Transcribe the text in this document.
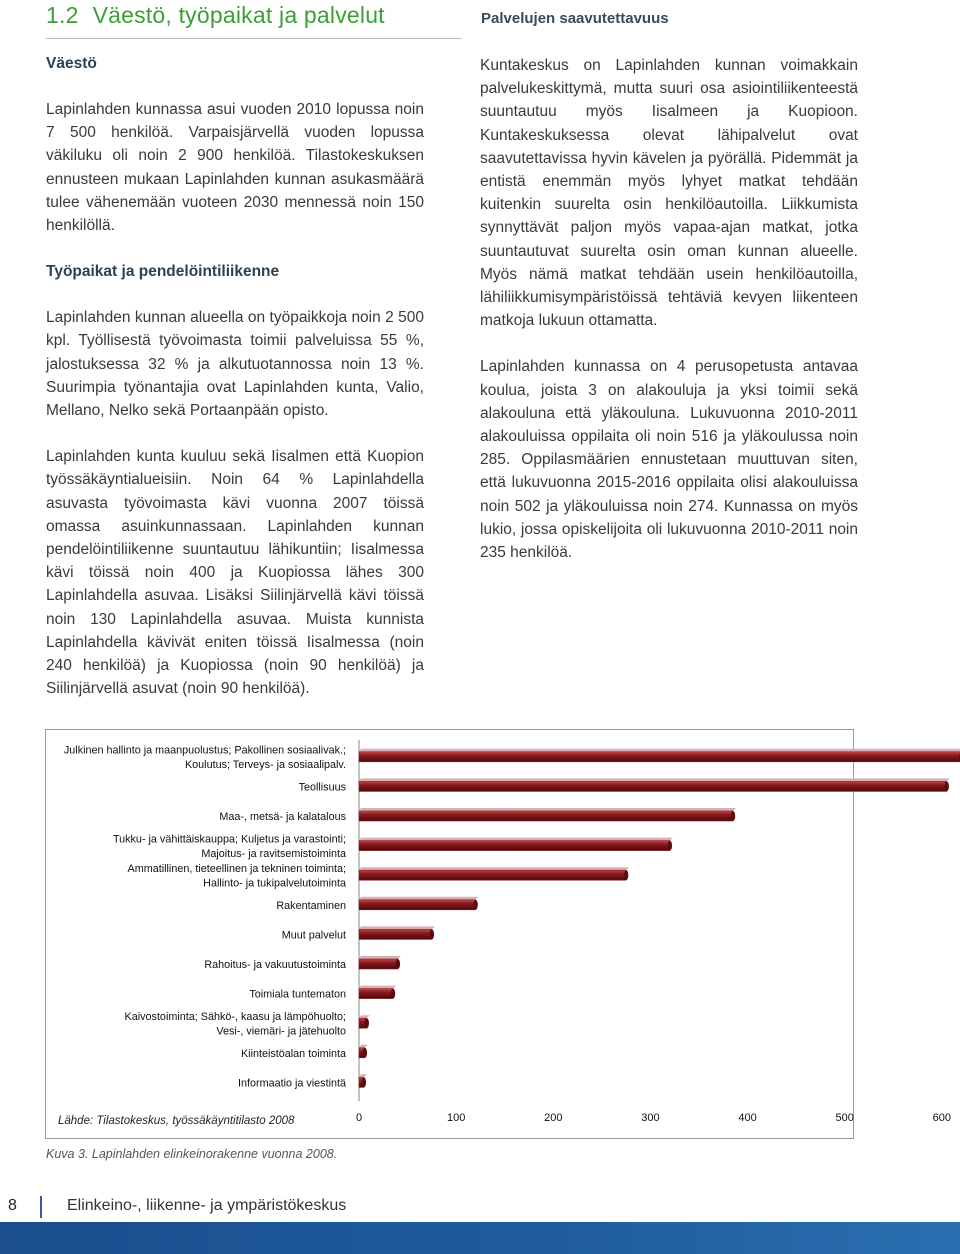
1.2 Väestö, työpaikat ja palvelut	Palvelujen saavutettavuus
Väestö

Lapinlahden kunnassa asui vuoden 2010 lopussa noin 7 500 henkilöä. Varpaisjärvellä vuoden lopussa väkiluku oli noin 2 900 henkilöä. Tilastokeskuksen ennusteen mukaan Lapinlahden kunnan asukasmäärä tulee vähenemään vuoteen 2030 mennessä noin 150 henkilöllä.

Työpaikat ja pendelöintiliikenne

Lapinlahden kunnan alueella on työpaikkoja noin 2 500 kpl. Työllisestä työvoimasta toimii palveluissa 55 %, jalostuksessa 32 % ja alkutuotannossa noin 13 %. Suurimpia työnantajia ovat Lapinlahden kunta, Valio, Mellano, Nelko sekä Portaanpään opisto.

Lapinlahden kunta kuuluu sekä Iisalmen että Kuopion työssäkäyntialueisiin. Noin 64 % Lapinlahdella asuvasta työvoimasta kävi vuonna 2007 töissä omassa asuinkunnassaan. Lapinlahden kunnan pendelöintiliikenne suuntautuu lähikuntiin; Iisalmessa kävi töissä noin 400 ja Kuopiossa lähes 300 Lapinlahdella asuvaa. Lisäksi Siilinjärvellä kävi töissä noin 130 Lapinlahdella asuvaa. Muista kunnista Lapinlahdella kävivät eniten töissä Iisalmessa (noin 240 henkilöä) ja Kuopiossa (noin 90 henkilöä) ja Siilinjärvellä asuvat (noin 90 henkilöä).

Kuntakeskus on Lapinlahden kunnan voimakkain palvelukeskittymä, mutta suuri osa asiointiliikenteestä suuntautuu myös Iisalmeen ja Kuopioon. Kuntakeskuksessa olevat lähipalvelut ovat saavutettavissa hyvin kävelen ja pyörällä. Pidemmät ja entistä enemmän myös lyhyet matkat tehdään kuitenkin suurelta osin henkilöautoilla. Liikkumista synnyttävät paljon myös vapaa-ajan matkat, jotka suuntautuvat suurelta osin oman kunnan alueelle. Myös nämä matkat tehdään usein henkilöautoilla, lähiliikkumisympäristöissä tehtäviä kevyen liikenteen matkoja lukuun ottamatta.

Lapinlahden kunnassa on 4 perusopetusta antavaa koulua, joista 3 on alakouluja ja yksi toimii sekä alakouluna että yläkouluna. Lukuvuonna 2010-2011 alakouluissa oppilaita oli noin 516 ja yläkoulussa noin 285. Oppilasmäärien ennustetaan muuttuvan siten, että lukuvuonna 2015-2016 oppilaita olisi alakouluissa noin 502 ja yläkouluissa noin 274. Kunnassa on myös lukio, jossa opiskelijoita oli lukuvuonna 2010-2011 noin 235 henkilöä.

Julkinen hallinto ja maanpuolustus; Pakollinen sosiaalivak.;
Koulutus; Terveys- ja sosiaalipalv.
Teollisuus
Maa-, metsä- ja kalatalous
Tukku- ja vähittäiskauppa; Kuljetus ja varastointi;
Majoitus- ja ravitsemistoiminta
Ammatillinen, tieteellinen ja tekninen toiminta;
Hallinto- ja tukipalvelutoiminta
Rakentaminen
Muut palvelut
Rahoitus- ja vakuutustoiminta
Toimiala tuntematon
Kaivostoiminta; Sähkö-, kaasu ja lämpöhuolto;
Vesi-, viemäri- ja jätehuolto
Kiinteistöalan toiminta
Informaatio ja viestintä
0	100	200	300	400	500	600
Lähde: Tilastokeskus, työssäkäyntitilasto 2008
Kuva 3. Lapinlahden elinkeinorakenne vuonna 2008.
8	Elinkeino-, liikenne- ja ympäristökeskus
